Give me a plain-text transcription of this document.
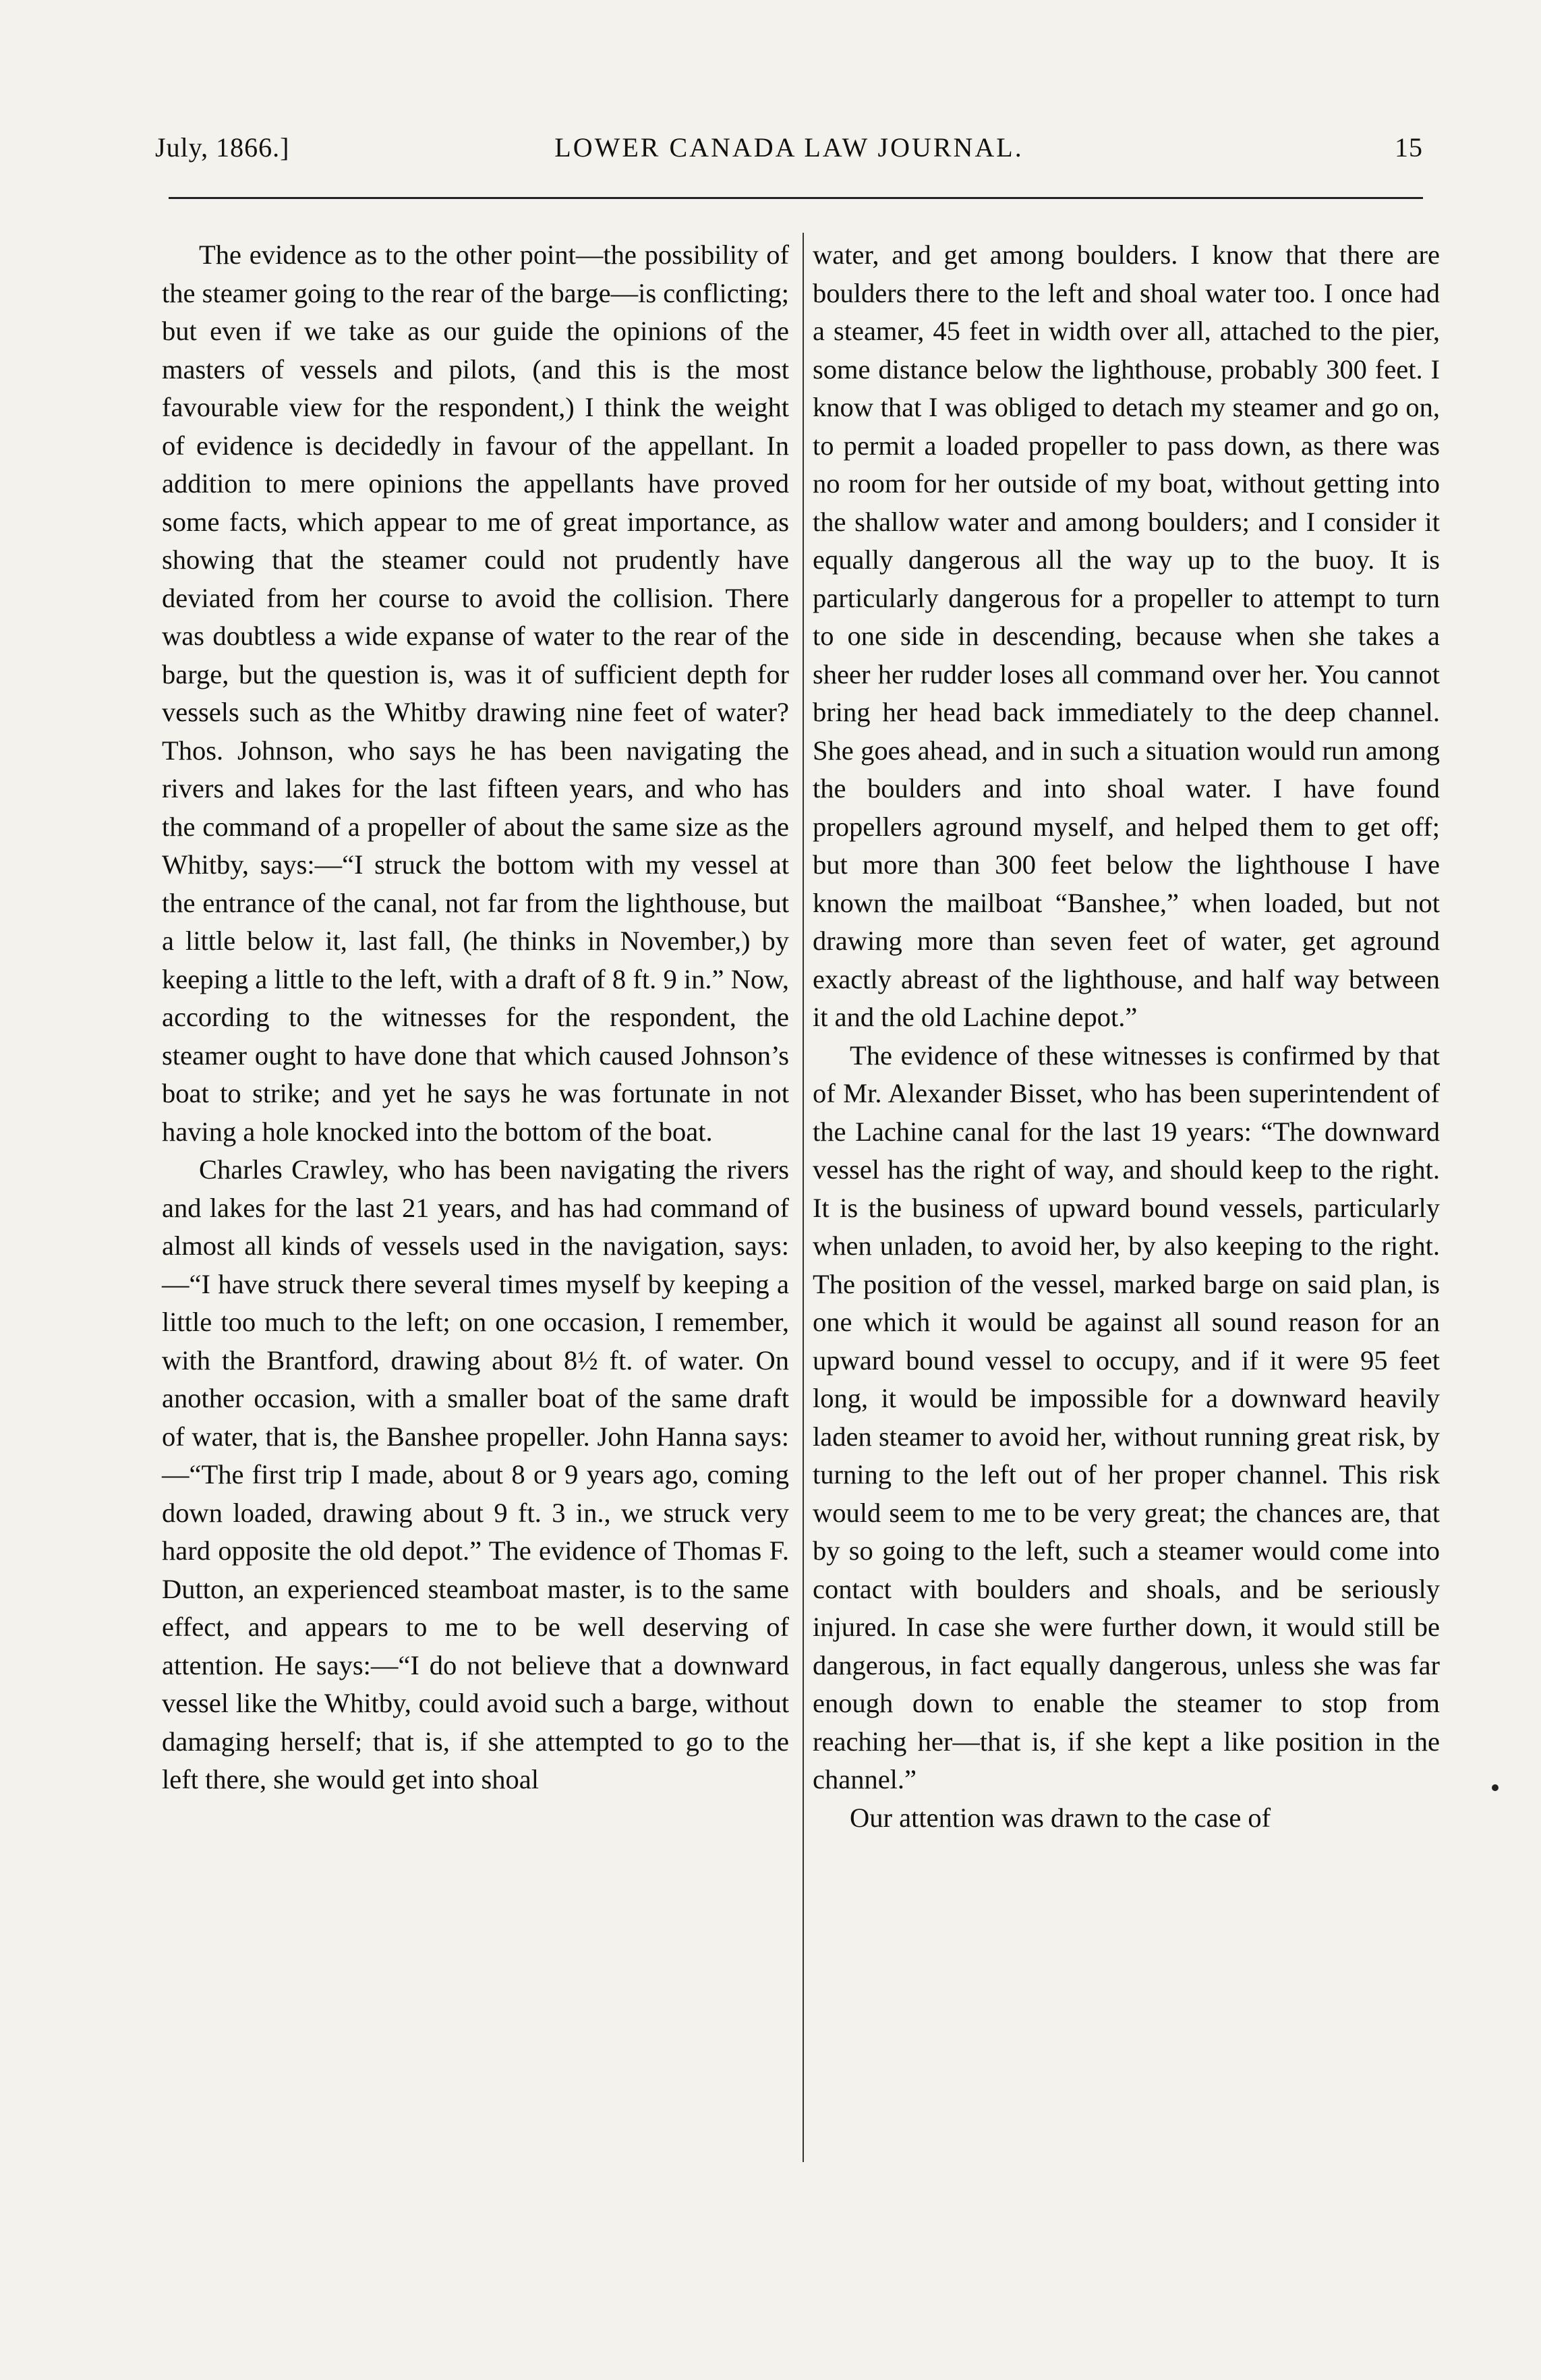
July, 1866.]	LOWER CANADA LAW JOURNAL.	15

The evidence as to the other point—the possibility of the steamer going to the rear of the barge—is conflicting; but even if we take as our guide the opinions of the masters of vessels and pilots, (and this is the most favourable view for the respondent,) I think the weight of evidence is decidedly in favour of the appellant. In addition to mere opinions the appellants have proved some facts, which appear to me of great importance, as showing that the steamer could not prudently have deviated from her course to avoid the collision. There was doubtless a wide expanse of water to the rear of the barge, but the question is, was it of sufficient depth for vessels such as the Whitby drawing nine feet of water? Thos. Johnson, who says he has been navigating the rivers and lakes for the last fifteen years, and who has the command of a propeller of about the same size as the Whitby, says:—“I struck the bottom with my vessel at the entrance of the canal, not far from the lighthouse, but a little below it, last fall, (he thinks in November,) by keeping a little to the left, with a draft of 8 ft. 9 in.” Now, according to the witnesses for the respondent, the steamer ought to have done that which caused Johnson’s boat to strike; and yet he says he was fortunate in not having a hole knocked into the bottom of the boat.

Charles Crawley, who has been navigating the rivers and lakes for the last 21 years, and has had command of almost all kinds of vessels used in the navigation, says:—“I have struck there several times myself by keeping a little too much to the left; on one occasion, I remember, with the Brantford, drawing about 8½ ft. of water. On another occasion, with a smaller boat of the same draft of water, that is, the Banshee propeller. John Hanna says:—“The first trip I made, about 8 or 9 years ago, coming down loaded, drawing about 9 ft. 3 in., we struck very hard opposite the old depot.” The evidence of Thomas F. Dutton, an experienced steamboat master, is to the same effect, and appears to me to be well deserving of attention. He says:—“I do not believe that a downward vessel like the Whitby, could avoid such a barge, without damaging herself; that is, if she attempted to go to the left there, she would get into shoal

water, and get among boulders. I know that there are boulders there to the left and shoal water too. I once had a steamer, 45 feet in width over all, attached to the pier, some distance below the lighthouse, probably 300 feet. I know that I was obliged to detach my steamer and go on, to permit a loaded propeller to pass down, as there was no room for her outside of my boat, without getting into the shallow water and among boulders; and I consider it equally dangerous all the way up to the buoy. It is particularly dangerous for a propeller to attempt to turn to one side in descending, because when she takes a sheer her rudder loses all command over her. You cannot bring her head back immediately to the deep channel. She goes ahead, and in such a situation would run among the boulders and into shoal water. I have found propellers aground myself, and helped them to get off; but more than 300 feet below the lighthouse I have known the mailboat “Banshee,” when loaded, but not drawing more than seven feet of water, get aground exactly abreast of the lighthouse, and half way between it and the old Lachine depot.”

The evidence of these witnesses is confirmed by that of Mr. Alexander Bisset, who has been superintendent of the Lachine canal for the last 19 years: “The downward vessel has the right of way, and should keep to the right. It is the business of upward bound vessels, particularly when unladen, to avoid her, by also keeping to the right. The position of the vessel, marked barge on said plan, is one which it would be against all sound reason for an upward bound vessel to occupy, and if it were 95 feet long, it would be impossible for a downward heavily laden steamer to avoid her, without running great risk, by turning to the left out of her proper channel. This risk would seem to me to be very great; the chances are, that by so going to the left, such a steamer would come into contact with boulders and shoals, and be seriously injured. In case she were further down, it would still be dangerous, in fact equally dangerous, unless she was far enough down to enable the steamer to stop from reaching her—that is, if she kept a like position in the channel.”

Our attention was drawn to the case of
